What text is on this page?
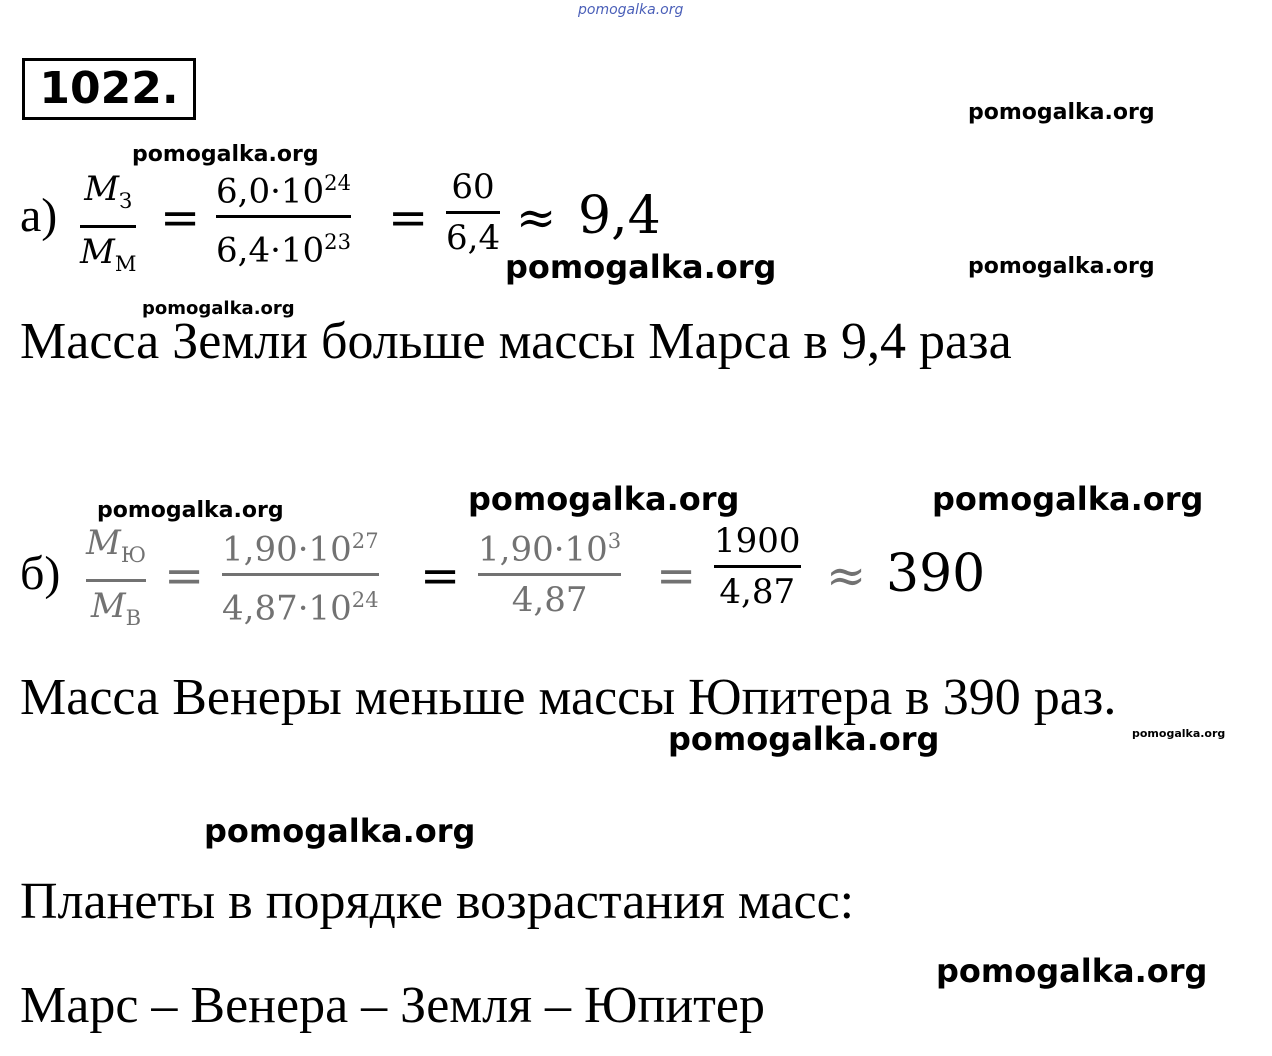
pomogalka.org
1022.	pomogalka.org
pomogalka.org
pomogalka.org	pomogalka.org
pomogalka.org
pomogalka.org	pomogalka.org
pomogalka.org
pomogalka.org	pomogalka.org
pomogalka.org
pomogalka.org
а) $M_З$
$M_М$
= $6,0\cdot 10^{24}$
$6,4\cdot 10^{23}$ =
60
6,4 ≈ 9,4
Масса Земли больше массы Марса в 9,4 раза
б)
$M_Ю$
$M_В$
= $1,90\cdot 10^{27}$
$4,87\cdot 10^{24} = 1,90\cdot 10^3$
4,87 =
1900
4,87 ≈ 390
Масса Венеры меньше массы Юпитера в 390 раз.
Планеты в порядке возрастания масс:
Марс – Венера – Земля – Юпитер
